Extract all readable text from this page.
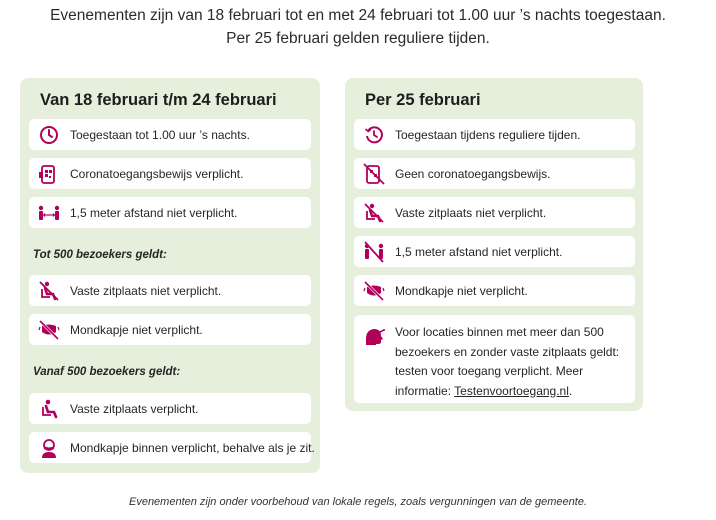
Evenementen zijn van 18 februari tot en met 24 februari tot 1.00 uur ’s nachts toegestaan.
Per 25 februari gelden reguliere tijden.
Van 18 februari t/m 24 februari
Toegestaan tot 1.00 uur ’s nachts.
Coronatoegangsbewijs verplicht.
1,5 meter afstand niet verplicht.
Tot 500 bezoekers geldt:
Vaste zitplaats niet verplicht.
Mondkapje niet verplicht.
Vanaf 500 bezoekers geldt:
Vaste zitplaats verplicht.
Mondkapje binnen verplicht, behalve als je zit.
Per 25 februari
Toegestaan tijdens reguliere tijden.
Geen coronatoegangsbewijs.
Vaste zitplaats niet verplicht.
1,5 meter afstand niet verplicht.
Mondkapje niet verplicht.
Voor locaties binnen met meer dan 500 bezoekers en zonder vaste zitplaats geldt: testen voor toegang verplicht. Meer informatie: Testenvoortoegang.nl.
Evenementen zijn onder voorbehoud van lokale regels, zoals vergunningen van de gemeente.
